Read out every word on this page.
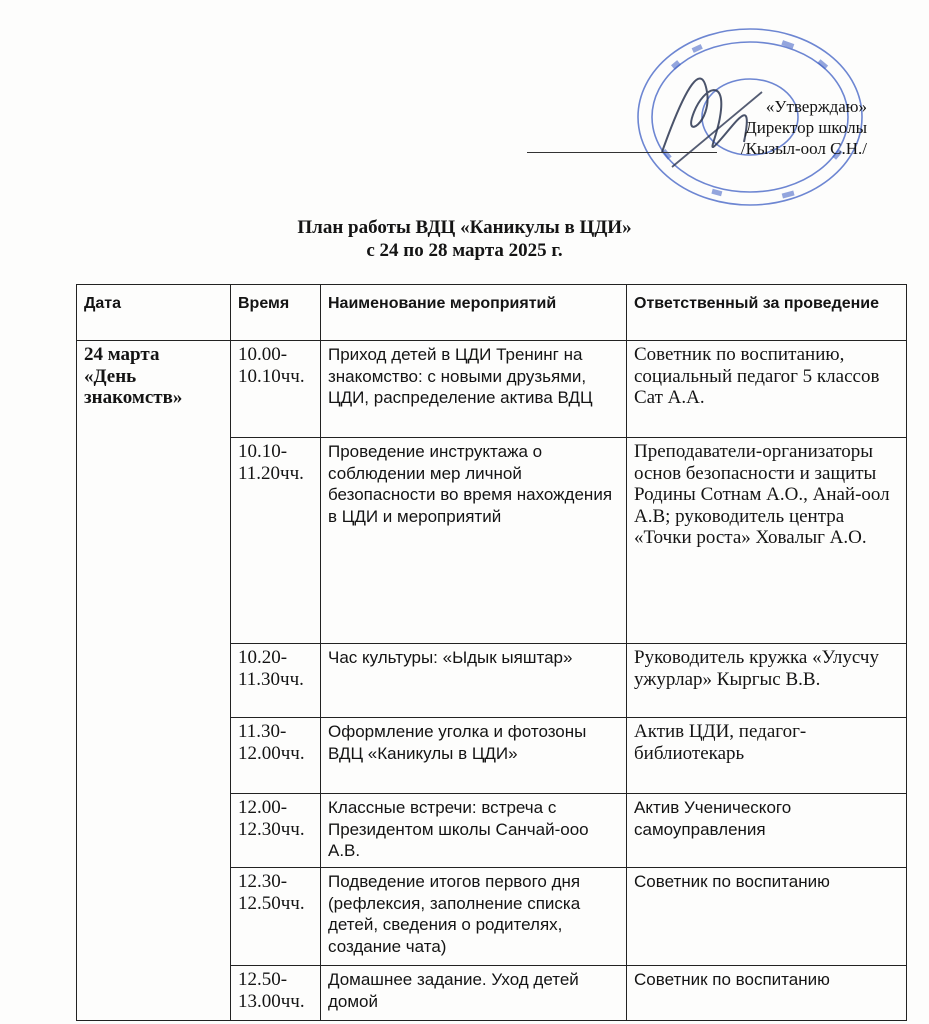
«Утверждаю»
Директор школы
/Кызыл-оол С.Н./
План работы ВДЦ «Каникулы в ЦДИ»
с 24 по 28 марта 2025 г.
Дата	Время	Наименование мероприятий	Ответственный за проведение

24 марта
«День знакомств»	10.00-10.10чч.	Приход детей в ЦДИ Тренинг на знакомство: с новыми друзьями, ЦДИ, распределение актива ВДЦ	Советник по воспитанию, социальный педагог 5 классов Сат А.А.
	10.10-11.20чч.	Проведение инструктажа о соблюдении мер личной безопасности во время нахождения в ЦДИ и мероприятий	Преподаватели-организаторы основ безопасности и защиты Родины Сотнам А.О., Анай-оол А.В; руководитель центра «Точки роста» Ховалыг А.О.
	10.20-11.30чч.	Час культуры: «Ыдык ыяштар»	Руководитель кружка «Улусчу ужурлар» Кыргыс В.В.
	11.30-12.00чч.	Оформление уголка и фотозоны ВДЦ «Каникулы в ЦДИ»	Актив ЦДИ, педагог-библиотекарь
	12.00-12.30чч.	Классные встречи: встреча с Президентом школы Санчай-ооо А.В.	Актив Ученического самоуправления
	12.30-12.50чч.	Подведение итогов первого дня (рефлексия, заполнение списка детей, сведения о родителях, создание чата)	Советник по воспитанию
	12.50-13.00чч.	Домашнее задание. Уход детей домой	Советник по воспитанию
